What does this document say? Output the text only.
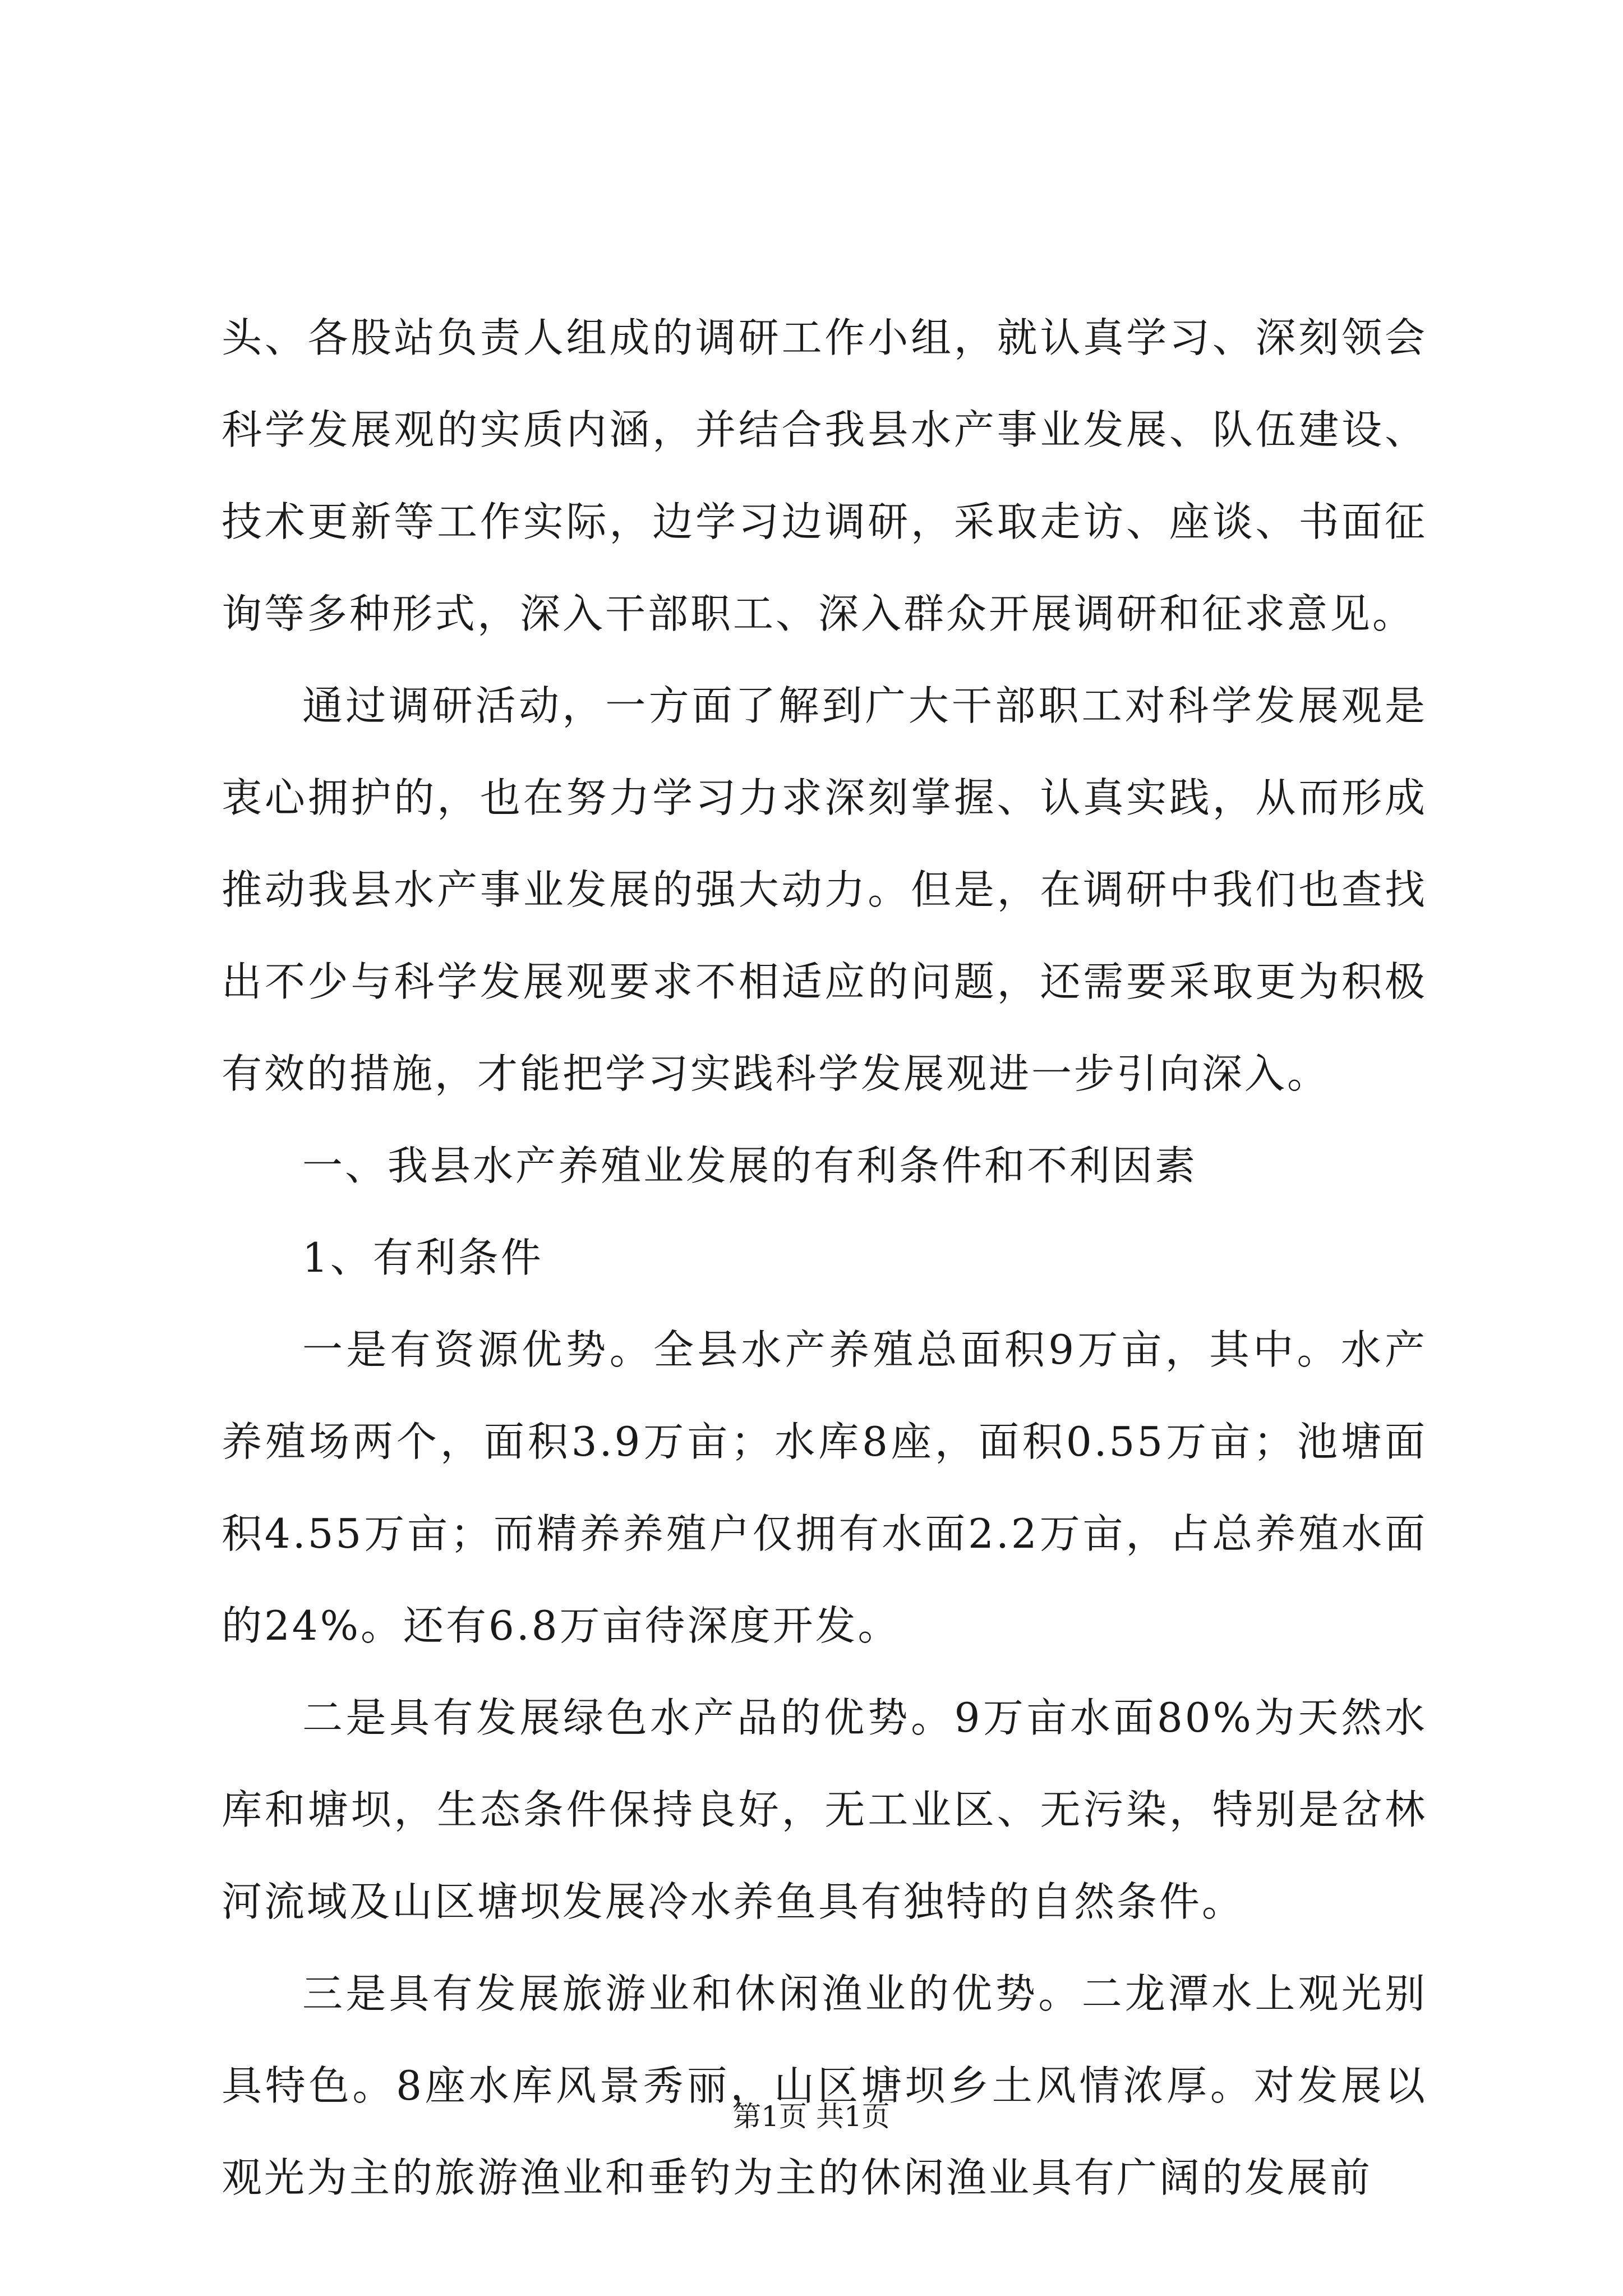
头、各股站负责人组成的调研工作小组，就认真学习、深刻领会科学发展观的实质内涵，并结合我县水产事业发展、队伍建设、技术更新等工作实际，边学习边调研，采取走访、座谈、书面征询等多种形式，深入干部职工、深入群众开展调研和征求意见。

通过调研活动，一方面了解到广大干部职工对科学发展观是衷心拥护的，也在努力学习力求深刻掌握、认真实践，从而形成推动我县水产事业发展的强大动力。但是，在调研中我们也查找出不少与科学发展观要求不相适应的问题，还需要采取更为积极有效的措施，才能把学习实践科学发展观进一步引向深入。

一、我县水产养殖业发展的有利条件和不利因素

1、有利条件

一是有资源优势。全县水产养殖总面积9万亩，其中。水产养殖场两个，面积3.9万亩；水库8座，面积0.55万亩；池塘面积4.55万亩；而精养养殖户仅拥有水面2.2万亩，占总养殖水面的24%。还有6.8万亩待深度开发。

二是具有发展绿色水产品的优势。9万亩水面80%为天然水库和塘坝，生态条件保持良好，无工业区、无污染，特别是岔林河流域及山区塘坝发展冷水养鱼具有独特的自然条件。

三是具有发展旅游业和休闲渔业的优势。二龙潭水上观光别具特色。8座水库风景秀丽，山区塘坝乡土风情浓厚。对发展以观光为主的旅游渔业和垂钓为主的休闲渔业具有广阔的发展前

第1页 共1页
